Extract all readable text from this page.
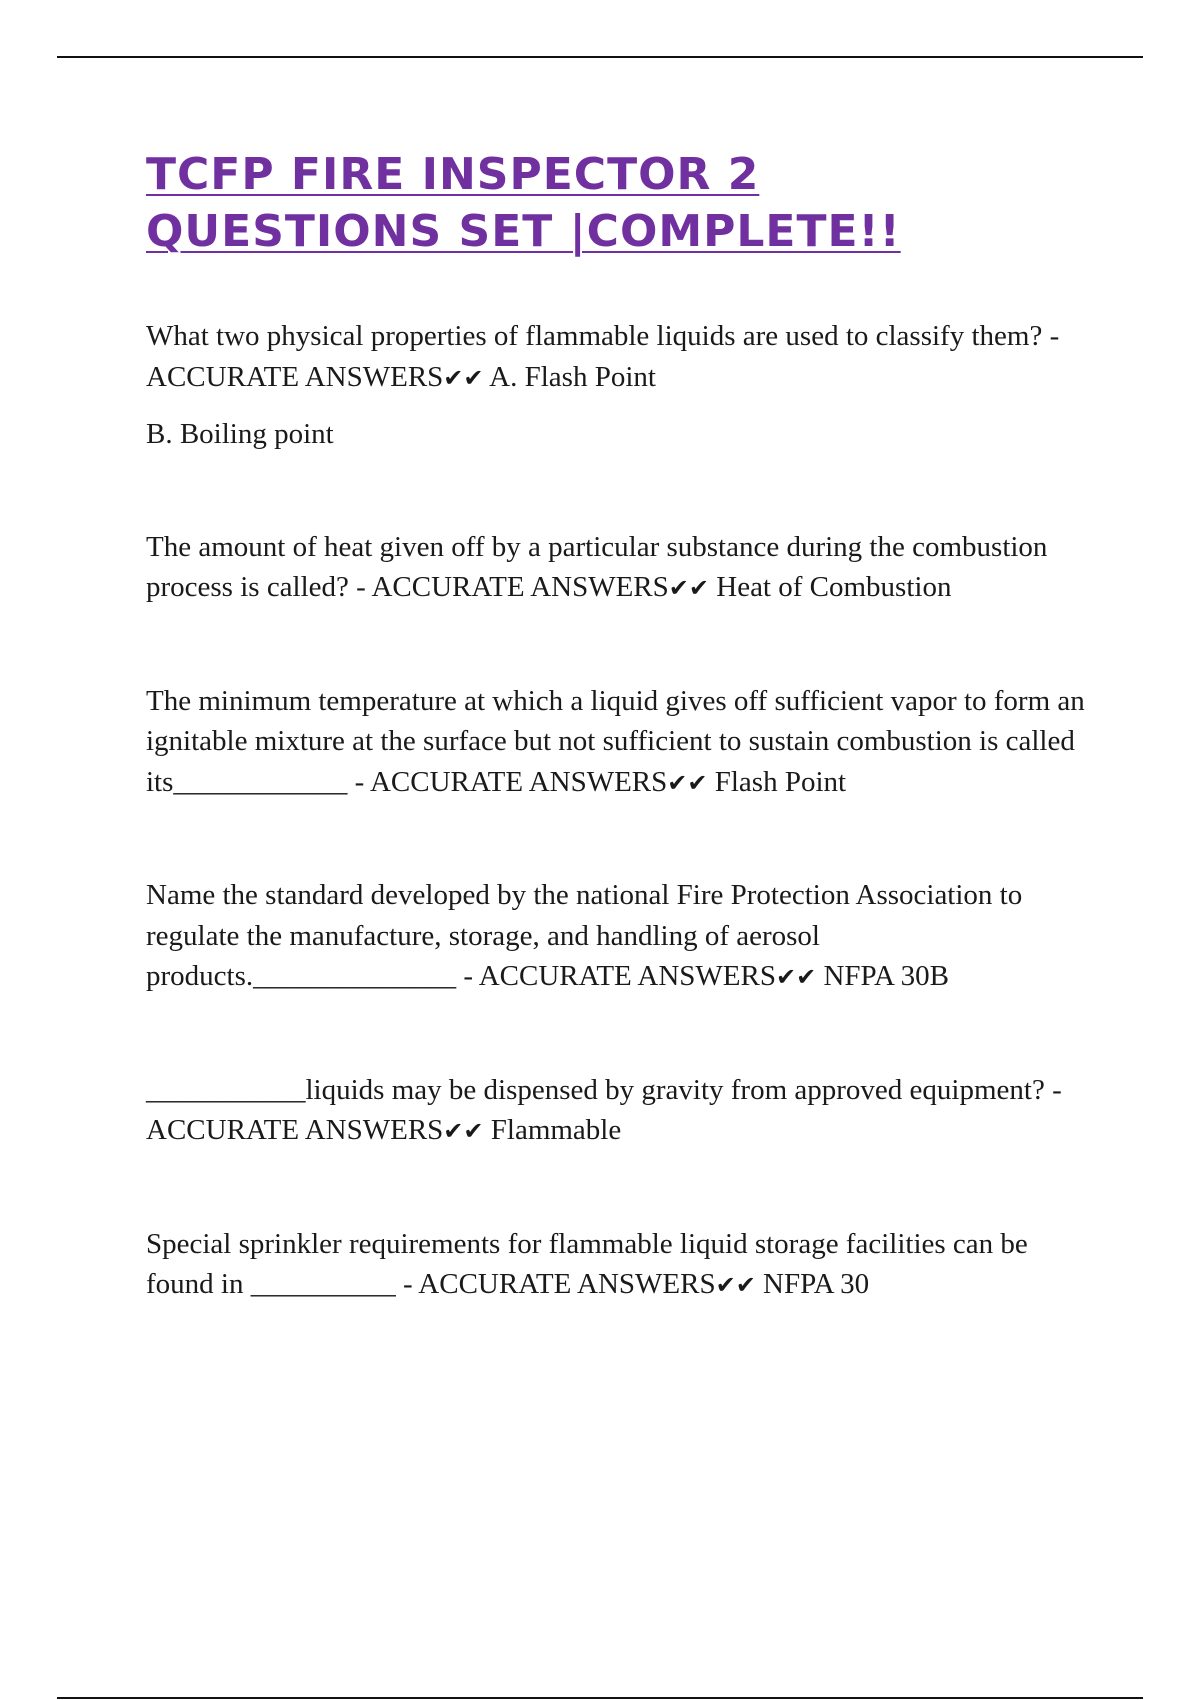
TCFP FIRE INSPECTOR 2
QUESTIONS SET |COMPLETE!!

What two physical properties of flammable liquids are used to classify them? - ACCURATE ANSWERS✔✔ A. Flash Point
B. Boiling point

The amount of heat given off by a particular substance during the combustion process is called? - ACCURATE ANSWERS✔✔ Heat of Combustion

The minimum temperature at which a liquid gives off sufficient vapor to form an ignitable mixture at the surface but not sufficient to sustain combustion is called its____________ - ACCURATE ANSWERS✔✔ Flash Point

Name the standard developed by the national Fire Protection Association to regulate the manufacture, storage, and handling of aerosol products.______________ - ACCURATE ANSWERS✔✔ NFPA 30B

___________liquids may be dispensed by gravity from approved equipment? - ACCURATE ANSWERS✔✔ Flammable

Special sprinkler requirements for flammable liquid storage facilities can be found in __________ - ACCURATE ANSWERS✔✔ NFPA 30
